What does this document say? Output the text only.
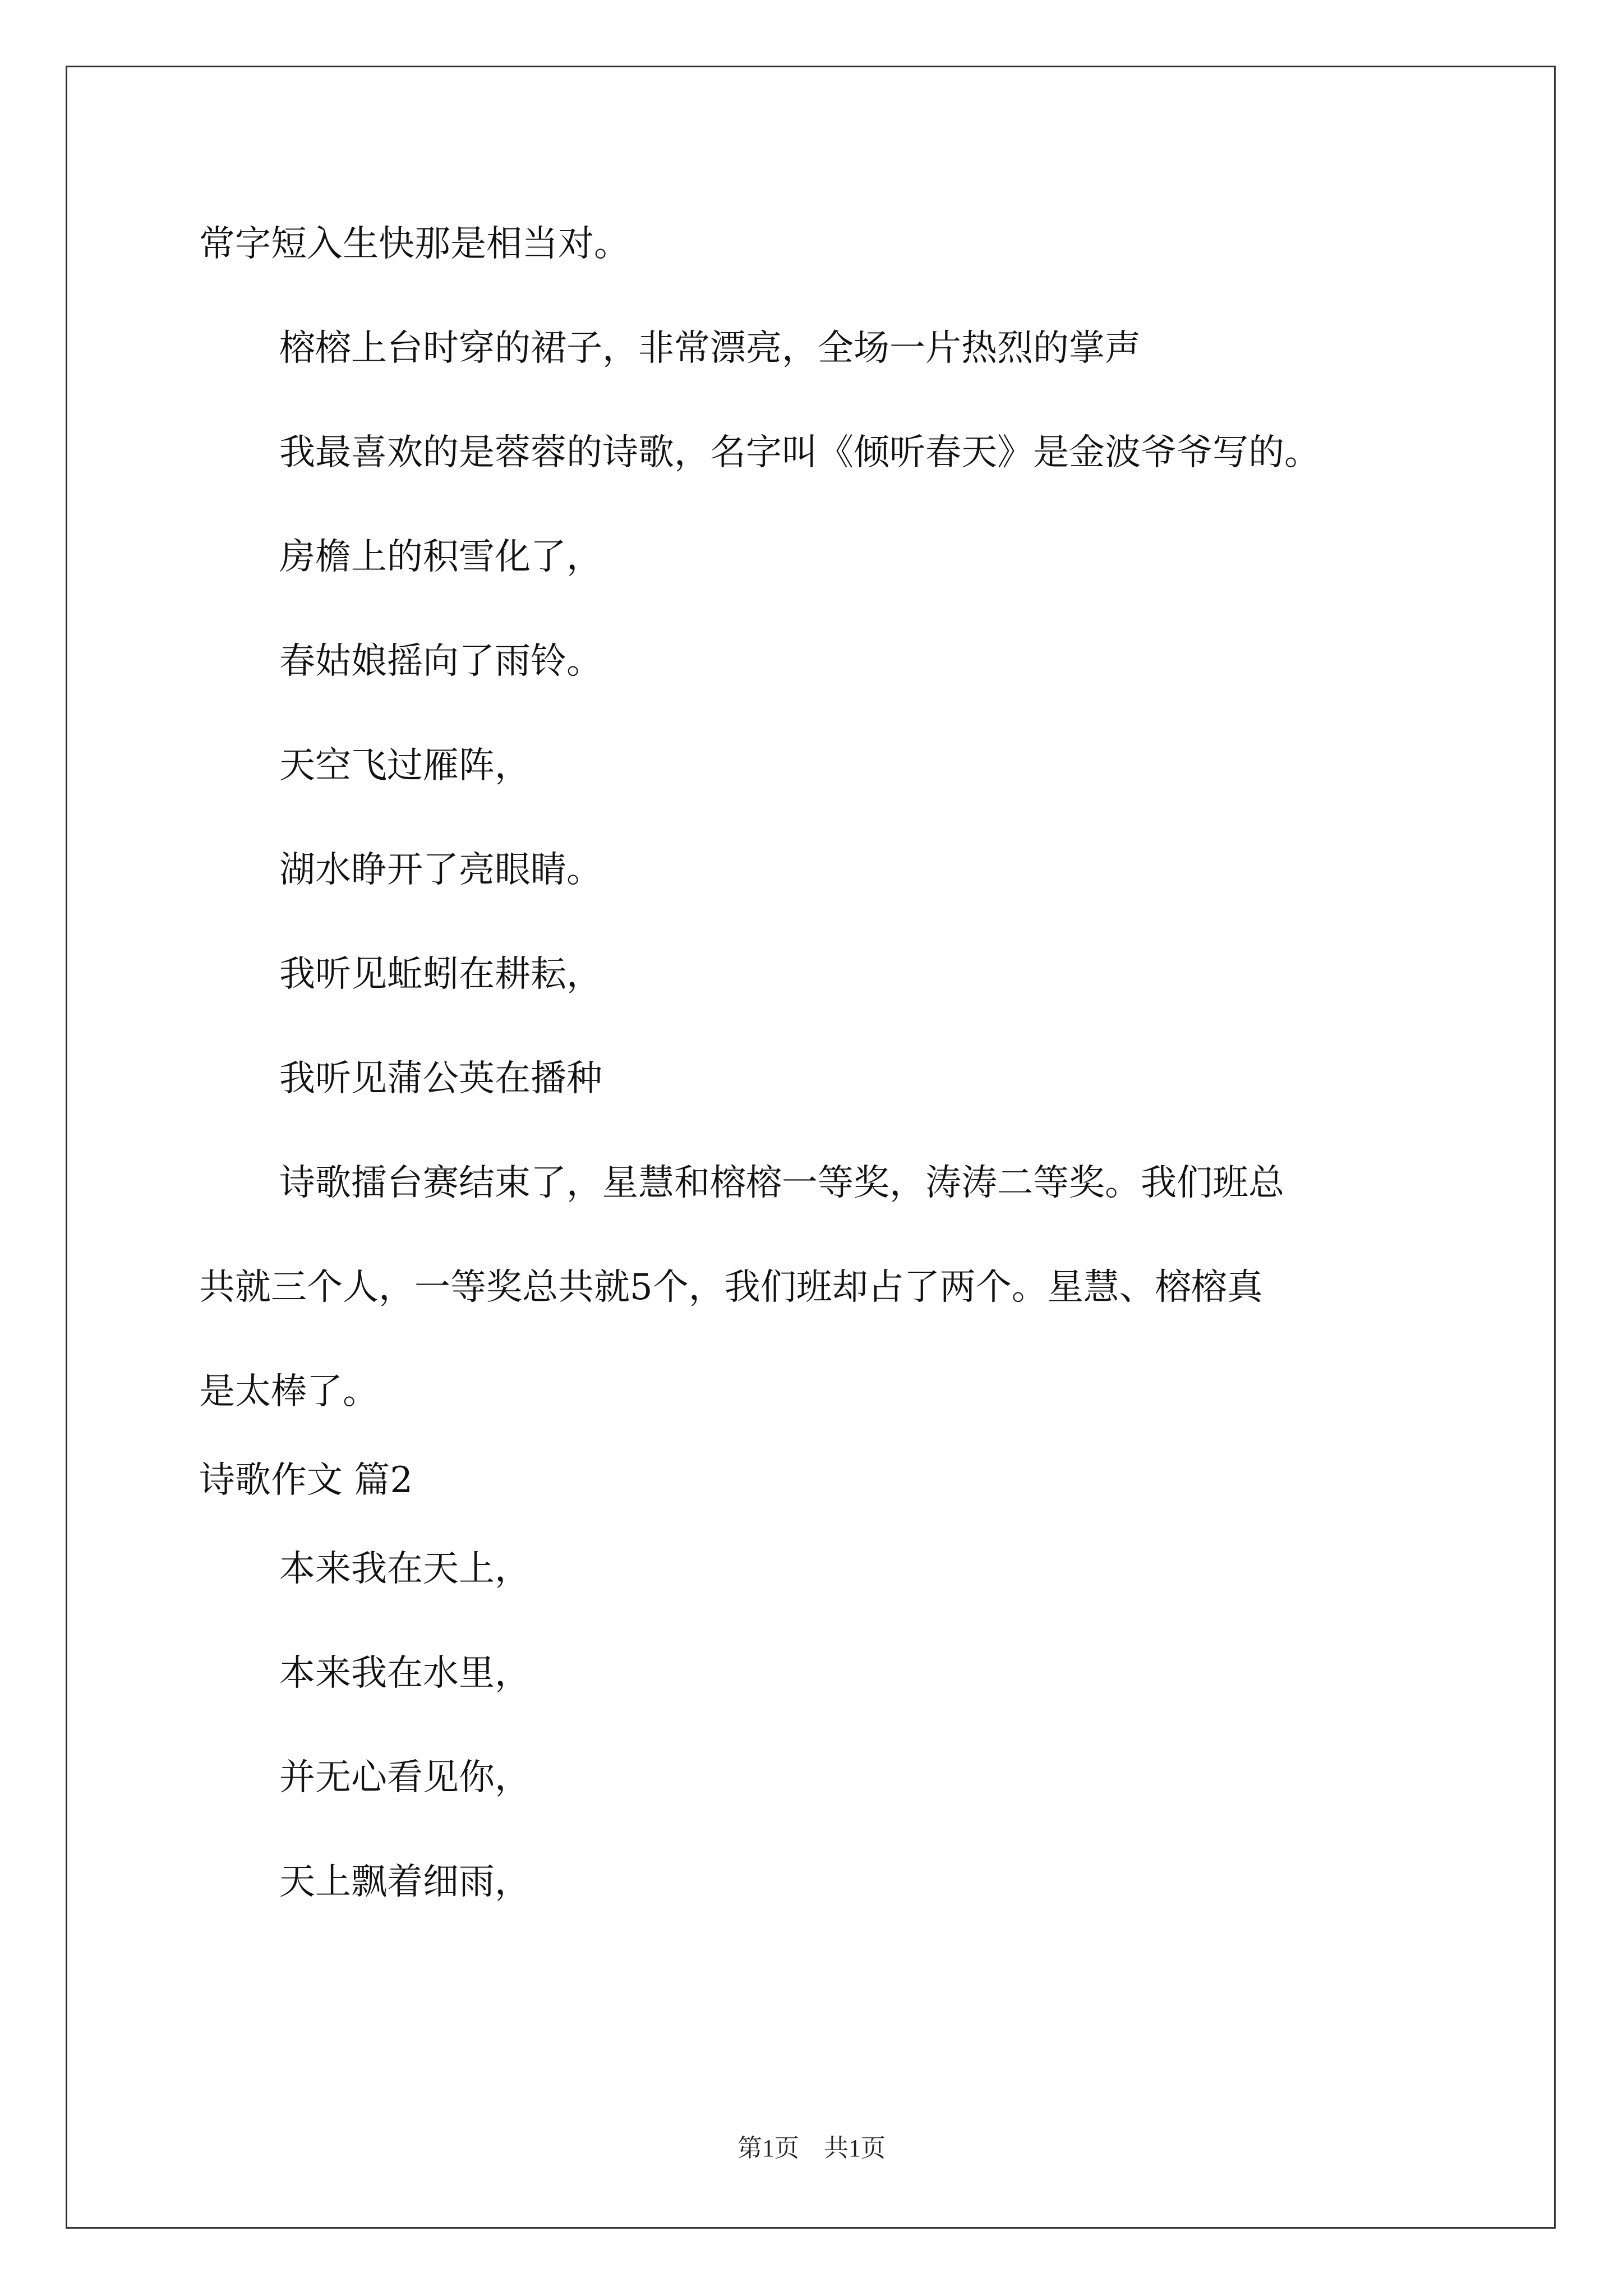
常字短入生快那是相当对。

榕榕上台时穿的裙子，非常漂亮，全场一片热烈的掌声

我最喜欢的是蓉蓉的诗歌，名字叫《倾听春天》是金波爷爷写的。

房檐上的积雪化了，

春姑娘摇向了雨铃。

天空飞过雁阵，

湖水睁开了亮眼睛。

我听见蚯蚓在耕耘，

我听见蒲公英在播种

诗歌擂台赛结束了，星慧和榕榕一等奖，涛涛二等奖。我们班总

共就三个人，一等奖总共就5个，我们班却占了两个。星慧、榕榕真

是太棒了。

诗歌作文 篇2

本来我在天上，

本来我在水里，

并无心看见你，

天上飘着细雨，

第1页　共1页
